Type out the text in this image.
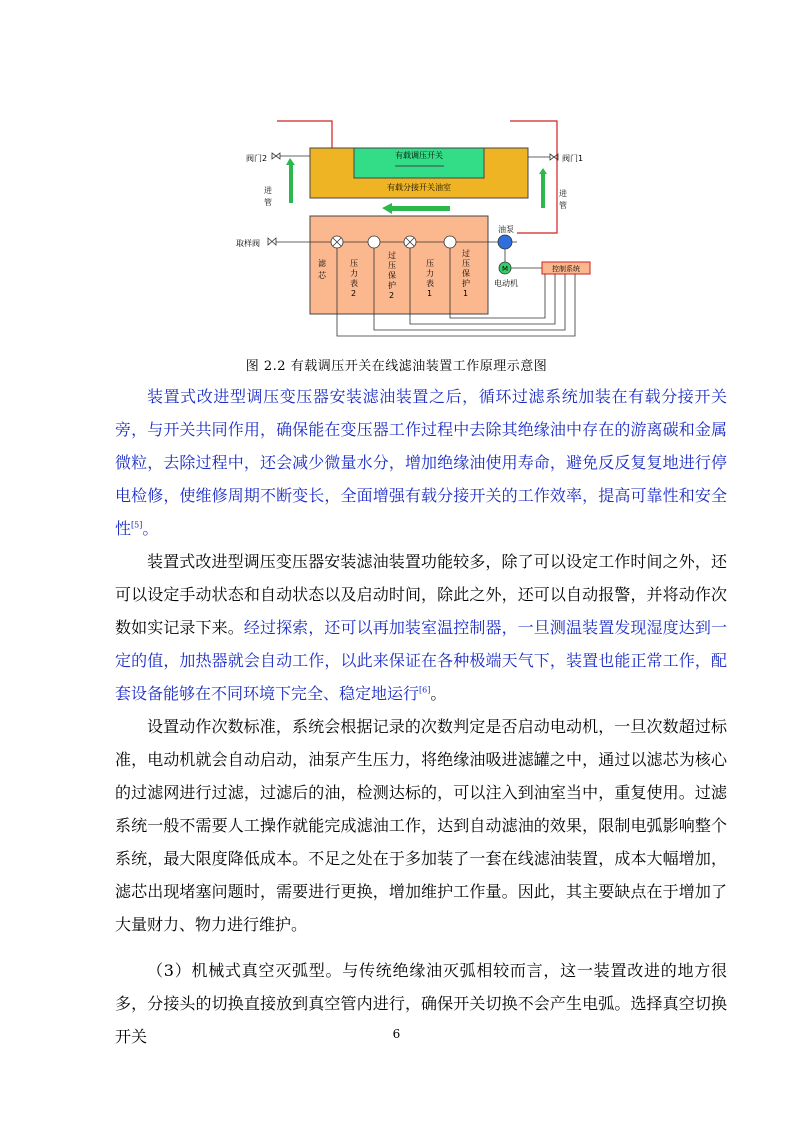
有载调压开关
有载分接开关油室
阀门2
进管
阀门1
进管
取样阀
滤芯
压力表 2
过压保护 2
压力表 1
过压保护 1
油泵
M
电动机
控制系统
图 2.2 有载调压开关在线滤油装置工作原理示意图

装置式改进型调压变压器安装滤油装置之后，循环过滤系统加装在有载分接开关旁，与开关共同作用，确保能在变压器工作过程中去除其绝缘油中存在的游离碳和金属微粒，去除过程中，还会减少微量水分，增加绝缘油使用寿命，避免反反复复地进行停电检修，使维修周期不断变长，全面增强有载分接开关的工作效率，提高可靠性和安全性[5]。

装置式改进型调压变压器安装滤油装置功能较多，除了可以设定工作时间之外，还可以设定手动状态和自动状态以及启动时间，除此之外，还可以自动报警，并将动作次数如实记录下来。经过探索，还可以再加装室温控制器，一旦测温装置发现湿度达到一定的值，加热器就会自动工作，以此来保证在各种极端天气下，装置也能正常工作，配套设备能够在不同环境下完全、稳定地运行[6]。

设置动作次数标准，系统会根据记录的次数判定是否启动电动机，一旦次数超过标准，电动机就会自动启动，油泵产生压力，将绝缘油吸进滤罐之中，通过以滤芯为核心的过滤网进行过滤，过滤后的油，检测达标的，可以注入到油室当中，重复使用。过滤系统一般不需要人工操作就能完成滤油工作，达到自动滤油的效果，限制电弧影响整个系统，最大限度降低成本。不足之处在于多加装了一套在线滤油装置，成本大幅增加，滤芯出现堵塞问题时，需要进行更换，增加维护工作量。因此，其主要缺点在于增加了大量财力、物力进行维护。

（3）机械式真空灭弧型。与传统绝缘油灭弧相较而言，这一装置改进的地方很多，分接头的切换直接放到真空管内进行，确保开关切换不会产生电弧。选择真空切换开关	6
